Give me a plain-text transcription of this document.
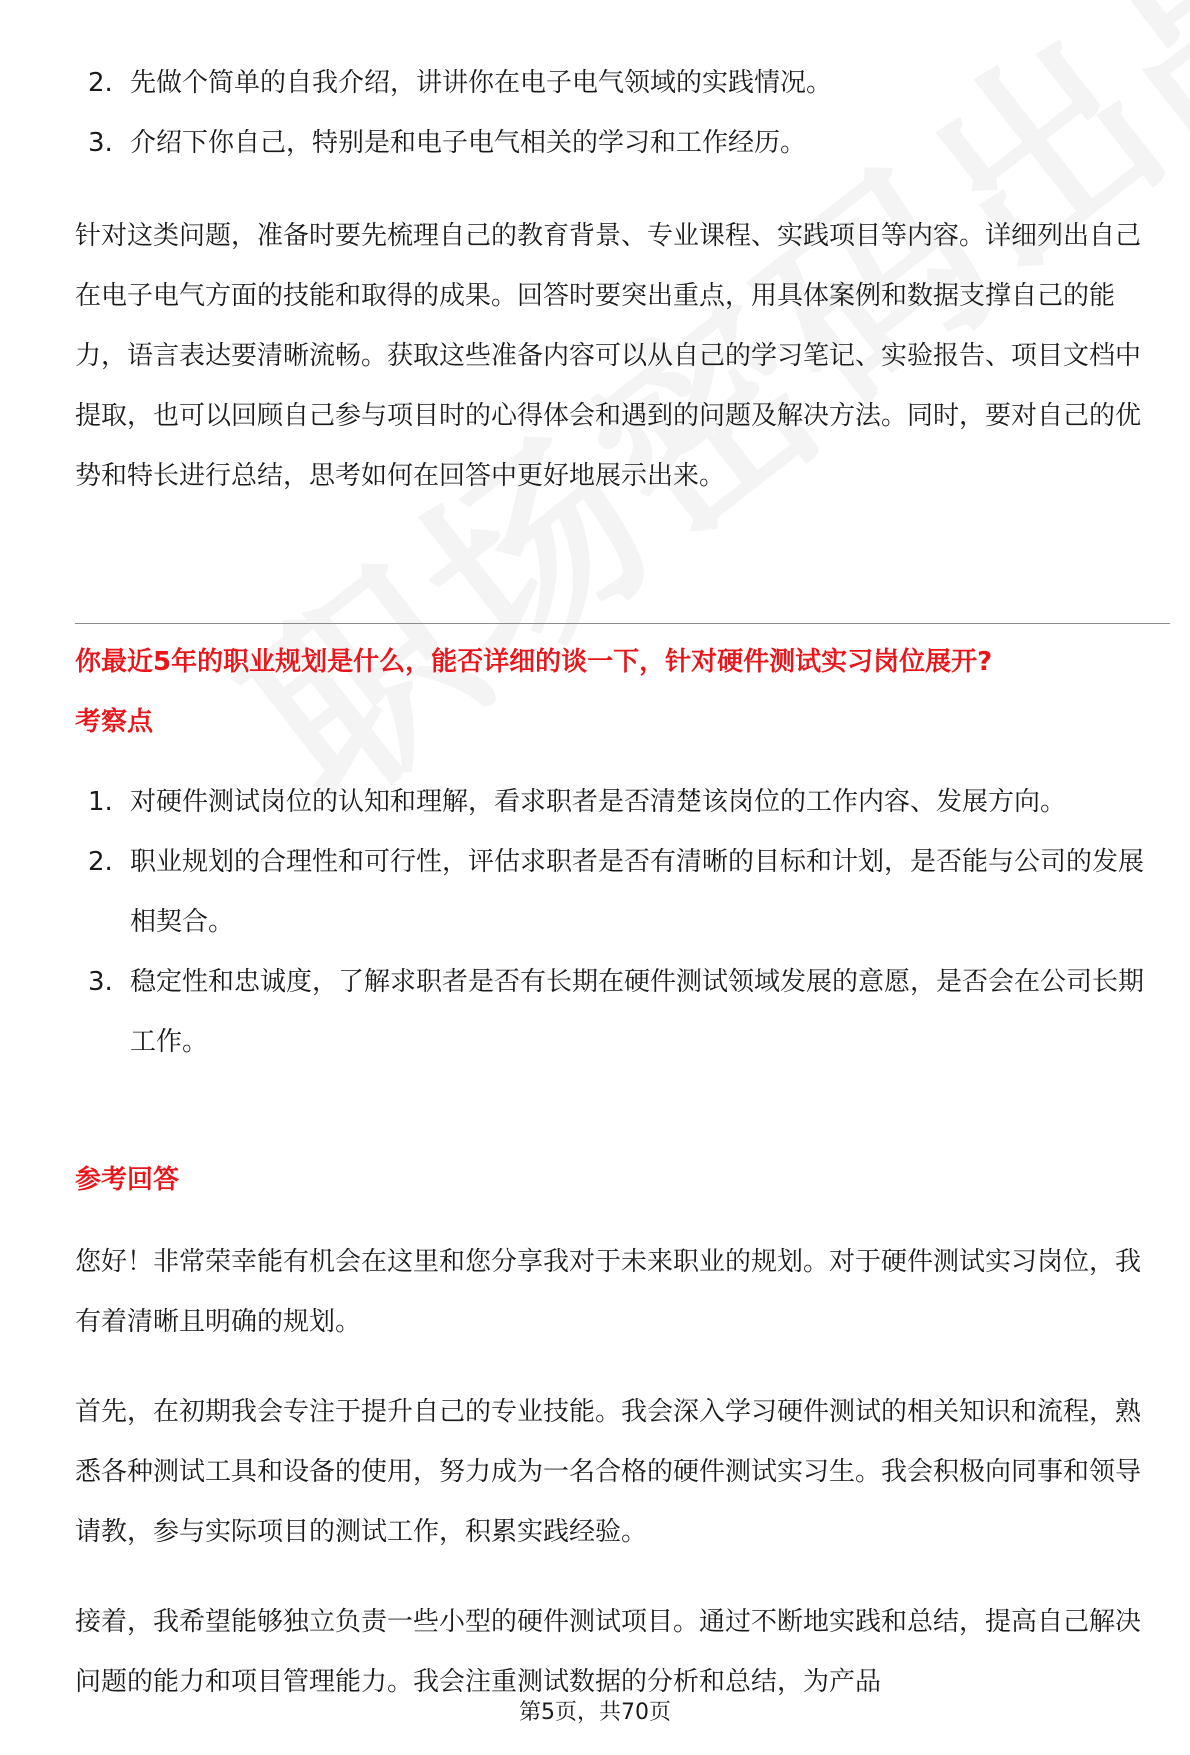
2. 先做个简单的自我介绍，讲讲你在电子电气领域的实践情况。
3. 介绍下你自己，特别是和电子电气相关的学习和工作经历。
针对这类问题，准备时要先梳理自己的教育背景、专业课程、实践项目等内容。详细列出自己在电子电气方面的技能和取得的成果。回答时要突出重点，用具体案例和数据支撑自己的能力，语言表达要清晰流畅。获取这些准备内容可以从自己的学习笔记、实验报告、项目文档中提取，也可以回顾自己参与项目时的心得体会和遇到的问题及解决方法。同时，要对自己的优势和特长进行总结，思考如何在回答中更好地展示出来。
你最近5年的职业规划是什么，能否详细的谈一下，针对硬件测试实习岗位展开?
考察点
1. 对硬件测试岗位的认知和理解，看求职者是否清楚该岗位的工作内容、发展方向。
2. 职业规划的合理性和可行性，评估求职者是否有清晰的目标和计划，是否能与公司的发展相契合。
3. 稳定性和忠诚度，了解求职者是否有长期在硬件测试领域发展的意愿，是否会在公司长期工作。
参考回答
您好！非常荣幸能有机会在这里和您分享我对于未来职业的规划。对于硬件测试实习岗位，我有着清晰且明确的规划。
首先，在初期我会专注于提升自己的专业技能。我会深入学习硬件测试的相关知识和流程，熟悉各种测试工具和设备的使用，努力成为一名合格的硬件测试实习生。我会积极向同事和领导请教，参与实际项目的测试工作，积累实践经验。
接着，我希望能够独立负责一些小型的硬件测试项目。通过不断地实践和总结，提高自己解决问题的能力和项目管理能力。我会注重测试数据的分析和总结，为产品
第5页，共70页
